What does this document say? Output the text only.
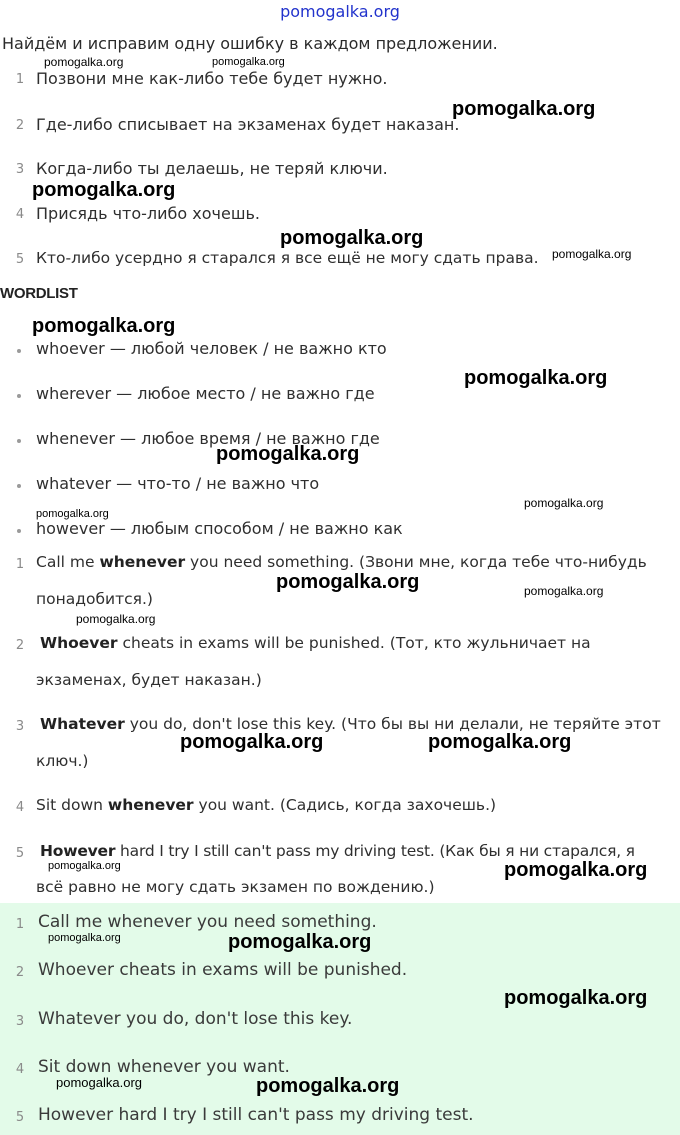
pomogalka.org
Найдём и исправим одну ошибку в каждом предложении.
1 Позвони мне как-либо тебе будет нужно.
2 Где-либо списывает на экзаменах будет наказан.
3 Когда-либо ты делаешь, не теряй ключи.
4 Присядь что-либо хочешь.
5 Кто-либо усердно я старался я все ещё не могу сдать права.
WORDLIST
whoever — любой человек / не важно кто
wherever — любое место / не важно где
whenever — любое время / не важно где
whatever — что-то / не важно что
however — любым способом / не важно как
1 Call me whenever you need something. (Звони мне, когда тебе что-нибудь
понадобится.)
2 Whoever cheats in exams will be punished. (Тот, кто жульничает на
экзаменах, будет наказан.)
3 Whatever you do, don't lose this key. (Что бы вы ни делали, не теряйте этот
ключ.)
4 Sit down whenever you want. (Садись, когда захочешь.)
5 However hard I try I still can't pass my driving test. (Как бы я ни старался, я
всё равно не могу сдать экзамен по вождению.)
1 Call me whenever you need something.
2 Whoever cheats in exams will be punished.
3 Whatever you do, don't lose this key.
4 Sit down whenever you want.
5 However hard I try I still can't pass my driving test.
pomogalka.org	pomogalka.org
pomogalka.org
pomogalka.org
pomogalka.org
pomogalka.org
pomogalka.org
pomogalka.org
pomogalka.org
pomogalka.org
pomogalka.org
pomogalka.org	pomogalka.org
pomogalka.org
pomogalka.org	pomogalka.org
pomogalka.org	pomogalka.org
pomogalka.org	pomogalka.org
pomogalka.org
pomogalka.org	pomogalka.org
